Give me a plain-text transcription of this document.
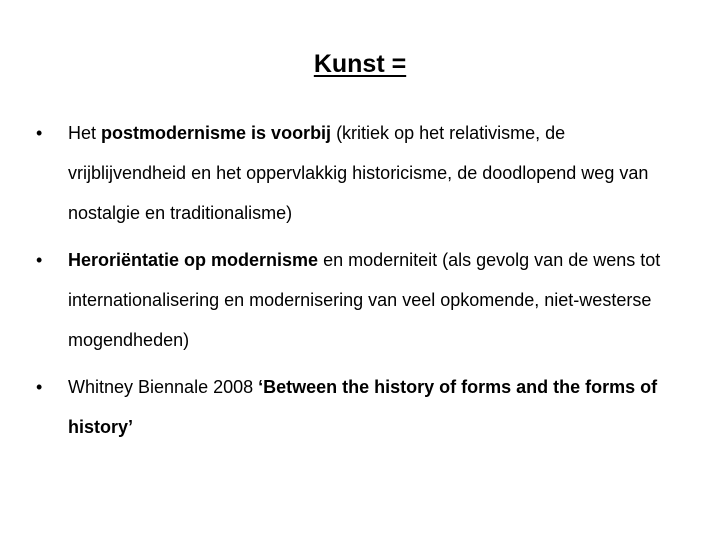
Kunst =
•	Het postmodernisme is voorbij (kritiek op het relativisme, de vrijblijvendheid en het oppervlakkig historicisme, de doodlopend weg van nostalgie en traditionalisme)
•	Heroriëntatie op modernisme en moderniteit (als gevolg van de wens tot internationalisering en modernisering van veel opkomende, niet-westerse mogendheden)
•	Whitney Biennale 2008 ‘Between the history of forms and the forms of history’
